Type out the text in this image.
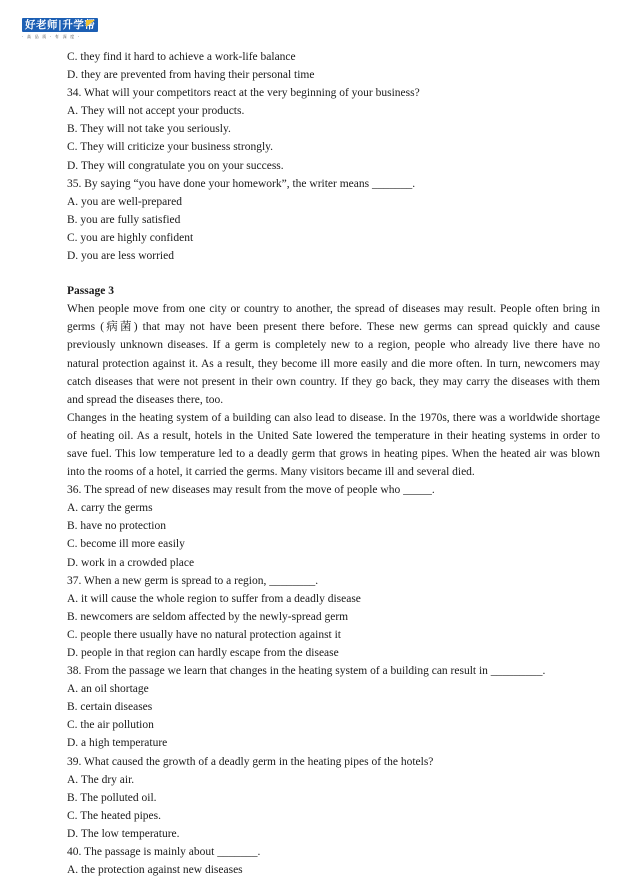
好老师|升学帮
· 高 品 质 · 有 深 度 ·
C. they find it hard to achieve a work-life balance
D. they are prevented from having their personal time
34. What will your competitors react at the very beginning of your business?
A. They will not accept your products.
B. They will not take you seriously.
C. They will criticize your business strongly.
D. They will congratulate you on your success.
35. By saying “you have done your homework”, the writer means _______.
A. you are well-prepared
B. you are fully satisfied
C. you are highly confident
D. you are less worried
Passage 3

When people move from one city or country to another, the spread of diseases may result. People often bring in germs (病菌) that may not have been present there before. These new germs can spread quickly and cause previously unknown diseases. If a germ is completely new to a region, people who already live there have no natural protection against it. As a result, they become ill more easily and die more often. In turn, newcomers may catch diseases that were not present in their own country. If they go back, they may carry the diseases with them and spread the diseases there, too.

Changes in the heating system of a building can also lead to disease. In the 1970s, there was a worldwide shortage of heating oil. As a result, hotels in the United Sate lowered the temperature in their heating systems in order to save fuel. This low temperature led to a deadly germ that grows in heating pipes. When the heated air was blown into the rooms of a hotel, it carried the germs. Many visitors became ill and several died.

36. The spread of new diseases may result from the move of people who _____.
A. carry the germs
B. have no protection
C. become ill more easily
D. work in a crowded place
37. When a new germ is spread to a region, ________.
A. it will cause the whole region to suffer from a deadly disease
B. newcomers are seldom affected by the newly-spread germ
C. people there usually have no natural protection against it
D. people in that region can hardly escape from the disease
38. From the passage we learn that changes in the heating system of a building can result in _________.
A. an oil shortage
B. certain diseases
C. the air pollution
D. a high temperature
39. What caused the growth of a deadly germ in the heating pipes of the hotels?
A. The dry air.
B. The polluted oil.
C. The heated pipes.
D. The low temperature.
40. The passage is mainly about _______.
A. the protection against new diseases
